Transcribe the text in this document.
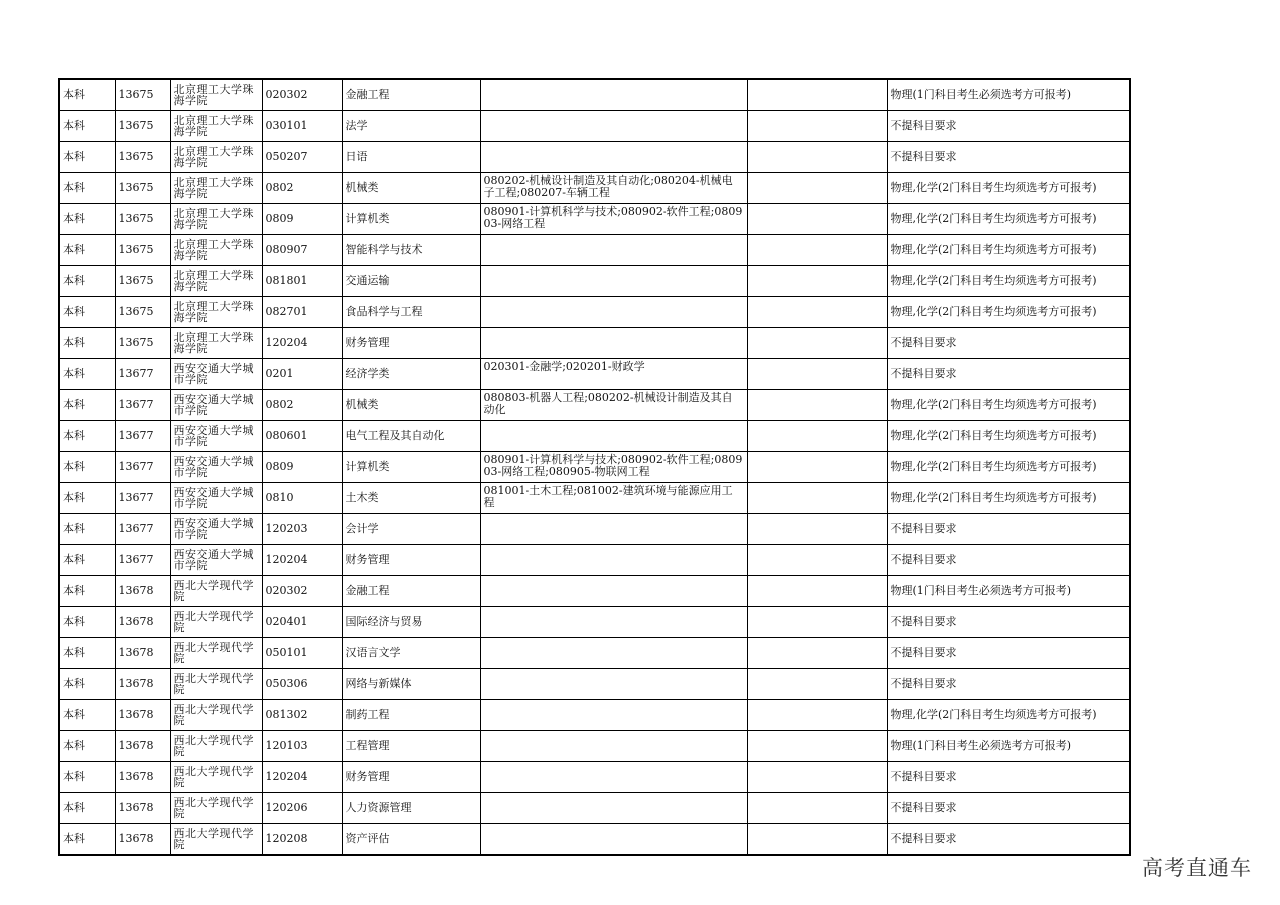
本科	13675	北京理工大学珠海学院	020302	金融工程			物理(1门科目考生必须选考方可报考)
本科	13675	北京理工大学珠海学院	030101	法学			不提科目要求
本科	13675	北京理工大学珠海学院	050207	日语			不提科目要求
本科	13675	北京理工大学珠海学院	0802	机械类	080202-机械设计制造及其自动化;080204-机械电子工程;080207-车辆工程		物理,化学(2门科目考生均须选考方可报考)
本科	13675	北京理工大学珠海学院	0809	计算机类	080901-计算机科学与技术;080902-软件工程;080903-网络工程		物理,化学(2门科目考生均须选考方可报考)
本科	13675	北京理工大学珠海学院	080907	智能科学与技术			物理,化学(2门科目考生均须选考方可报考)
本科	13675	北京理工大学珠海学院	081801	交通运输			物理,化学(2门科目考生均须选考方可报考)
本科	13675	北京理工大学珠海学院	082701	食品科学与工程			物理,化学(2门科目考生均须选考方可报考)
本科	13675	北京理工大学珠海学院	120204	财务管理			不提科目要求
本科	13677	西安交通大学城市学院	0201	经济学类	020301-金融学;020201-财政学		不提科目要求
本科	13677	西安交通大学城市学院	0802	机械类	080803-机器人工程;080202-机械设计制造及其自动化		物理,化学(2门科目考生均须选考方可报考)
本科	13677	西安交通大学城市学院	080601	电气工程及其自动化			物理,化学(2门科目考生均须选考方可报考)
本科	13677	西安交通大学城市学院	0809	计算机类	080901-计算机科学与技术;080902-软件工程;080903-网络工程;080905-物联网工程		物理,化学(2门科目考生均须选考方可报考)
本科	13677	西安交通大学城市学院	0810	土木类	081001-土木工程;081002-建筑环境与能源应用工程		物理,化学(2门科目考生均须选考方可报考)
本科	13677	西安交通大学城市学院	120203	会计学			不提科目要求
本科	13677	西安交通大学城市学院	120204	财务管理			不提科目要求
本科	13678	西北大学现代学院	020302	金融工程			物理(1门科目考生必须选考方可报考)
本科	13678	西北大学现代学院	020401	国际经济与贸易			不提科目要求
本科	13678	西北大学现代学院	050101	汉语言文学			不提科目要求
本科	13678	西北大学现代学院	050306	网络与新媒体			不提科目要求
本科	13678	西北大学现代学院	081302	制药工程			物理,化学(2门科目考生均须选考方可报考)
本科	13678	西北大学现代学院	120103	工程管理			物理(1门科目考生必须选考方可报考)
本科	13678	西北大学现代学院	120204	财务管理			不提科目要求
本科	13678	西北大学现代学院	120206	人力资源管理			不提科目要求
本科	13678	西北大学现代学院	120208	资产评估			不提科目要求
高考直通车
